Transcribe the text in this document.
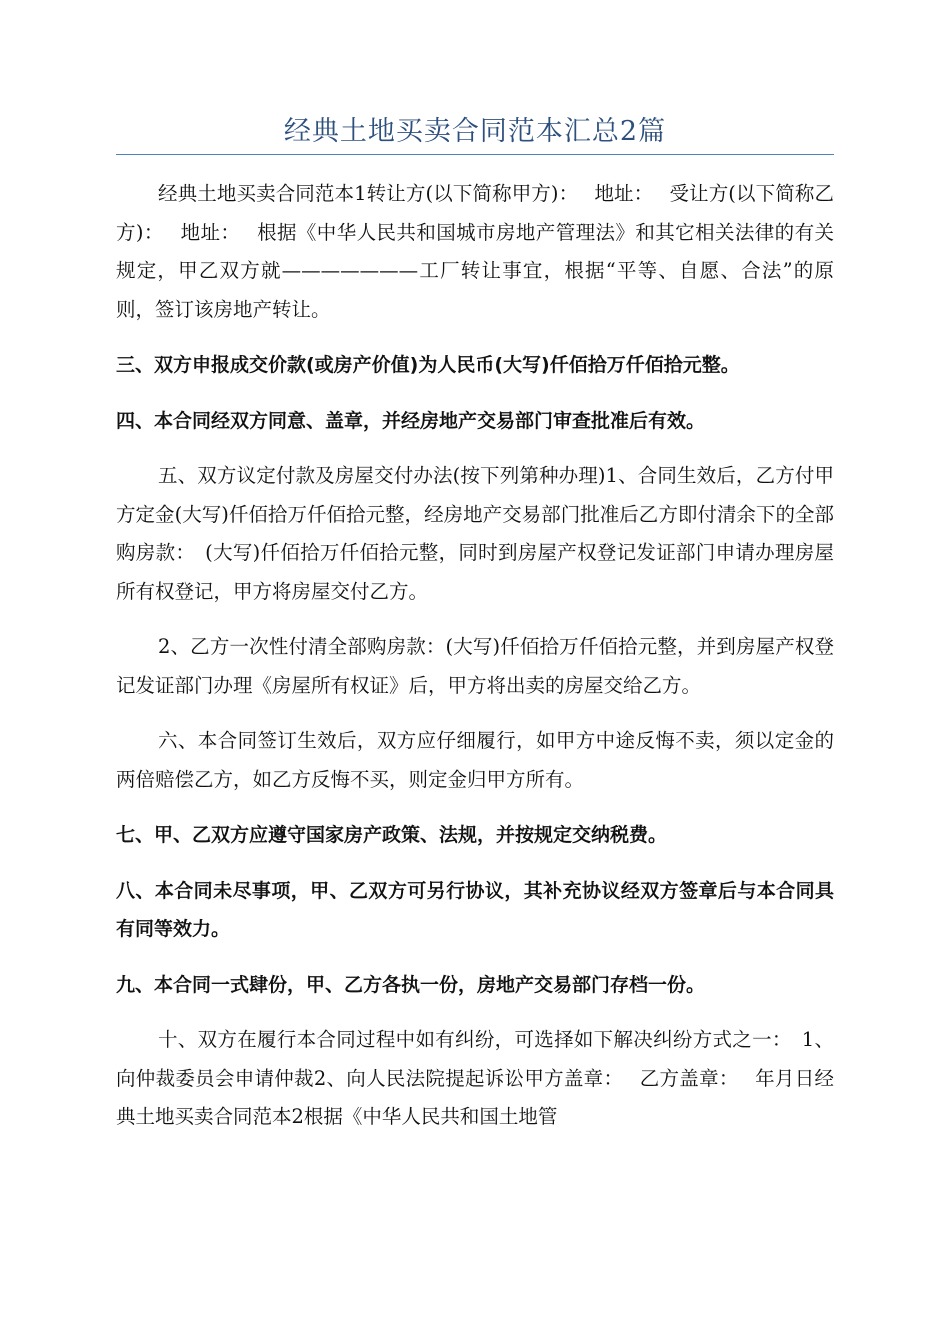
经典土地买卖合同范本汇总2篇

经典土地买卖合同范本1转让方(以下简称甲方)：　 地址：　 受让方(以下简称乙方)：　 地址：　 根据《中华人民共和国城市房地产管理法》和其它相关法律的有关规定，甲乙双方就———————工厂转让事宜，根据“平等、自愿、合法”的原则，签订该房地产转让。

三、双方申报成交价款(或房产价值)为人民币(大写)仟佰拾万仟佰拾元整。

四、本合同经双方同意、盖章，并经房地产交易部门审查批准后有效。

五、双方议定付款及房屋交付办法(按下列第种办理)1、合同生效后，乙方付甲方定金(大写)仟佰拾万仟佰拾元整，经房地产交易部门批准后乙方即付清余下的全部购房款：　(大写)仟佰拾万仟佰拾元整，同时到房屋产权登记发证部门申请办理房屋所有权登记，甲方将房屋交付乙方。

2、乙方一次性付清全部购房款：(大写)仟佰拾万仟佰拾元整，并到房屋产权登记发证部门办理《房屋所有权证》后，甲方将出卖的房屋交给乙方。

六、本合同签订生效后，双方应仔细履行，如甲方中途反悔不卖，须以定金的两倍赔偿乙方，如乙方反悔不买，则定金归甲方所有。

七、甲、乙双方应遵守国家房产政策、法规，并按规定交纳税费。

八、本合同未尽事项，甲、乙双方可另行协议，其补充协议经双方签章后与本合同具有同等效力。

九、本合同一式肆份，甲、乙方各执一份，房地产交易部门存档一份。

十、双方在履行本合同过程中如有纠纷，可选择如下解决纠纷方式之一：　1、向仲裁委员会申请仲裁2、向人民法院提起诉讼甲方盖章：　 乙方盖章：　 年月日经典土地买卖合同范本2根据《中华人民共和国土地管
